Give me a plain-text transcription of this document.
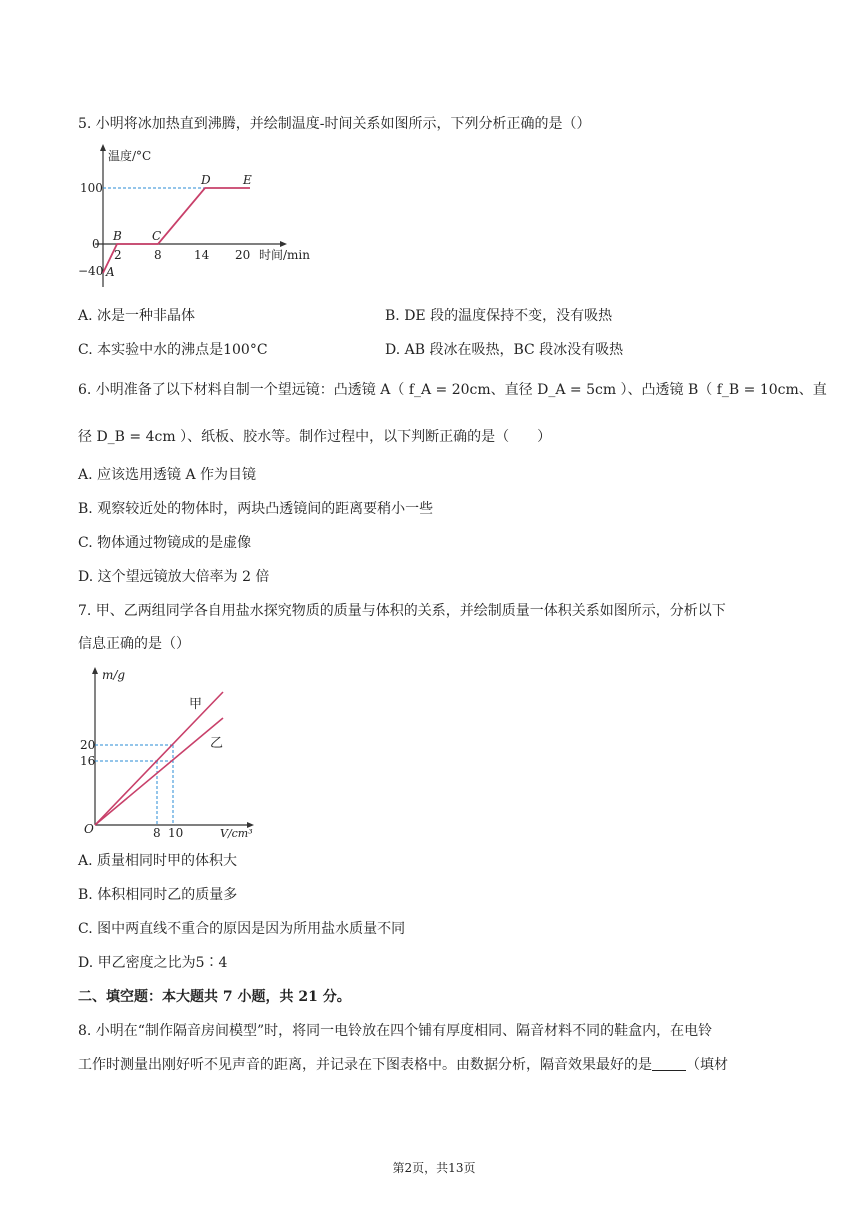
5. 小明将冰加热直到沸腾，并绘制温度-时间关系如图所示，下列分析正确的是（）
温度/°C
时间/min
100
0
−40
2	8	14 20
A
B	C
D	E
A. 冰是一种非晶体	B. DE 段的温度保持不变，没有吸热
C. 本实验中水的沸点是100°C	D. AB 段冰在吸热，BC 段冰没有吸热
6. 小明准备了以下材料自制一个望远镜：凸透镜 A（ f_A = 20cm、直径 D_A = 5cm ）、凸透镜 B（ f_B = 10cm、直
径 D_B = 4cm ）、纸板、胶水等。制作过程中，以下判断正确的是（　　）
A. 应该选用透镜 A 作为目镜
B. 观察较近处的物体时，两块凸透镜间的距离要稍小一些
C. 物体通过物镜成的是虚像
D. 这个望远镜放大倍率为 2 倍
7. 甲、乙两组同学各自用盐水探究物质的质量与体积的关系，并绘制质量一体积关系如图所示，分析以下
信息正确的是（）
m/g
V/cm³
O
甲
乙
20
16
8 10
A. 质量相同时甲的体积大
B. 体积相同时乙的质量多
C. 图中两直线不重合的原因是因为所用盐水质量不同
D. 甲乙密度之比为5∶4
二、填空题：本大题共 7 小题，共 21 分。
8. 小明在“制作隔音房间模型”时，将同一电铃放在四个铺有厚度相同、隔音材料不同的鞋盒内，在电铃
工作时测量出刚好听不见声音的距离，并记录在下图表格中。由数据分析，隔音效果最好的是 （填材
第2页，共13页
